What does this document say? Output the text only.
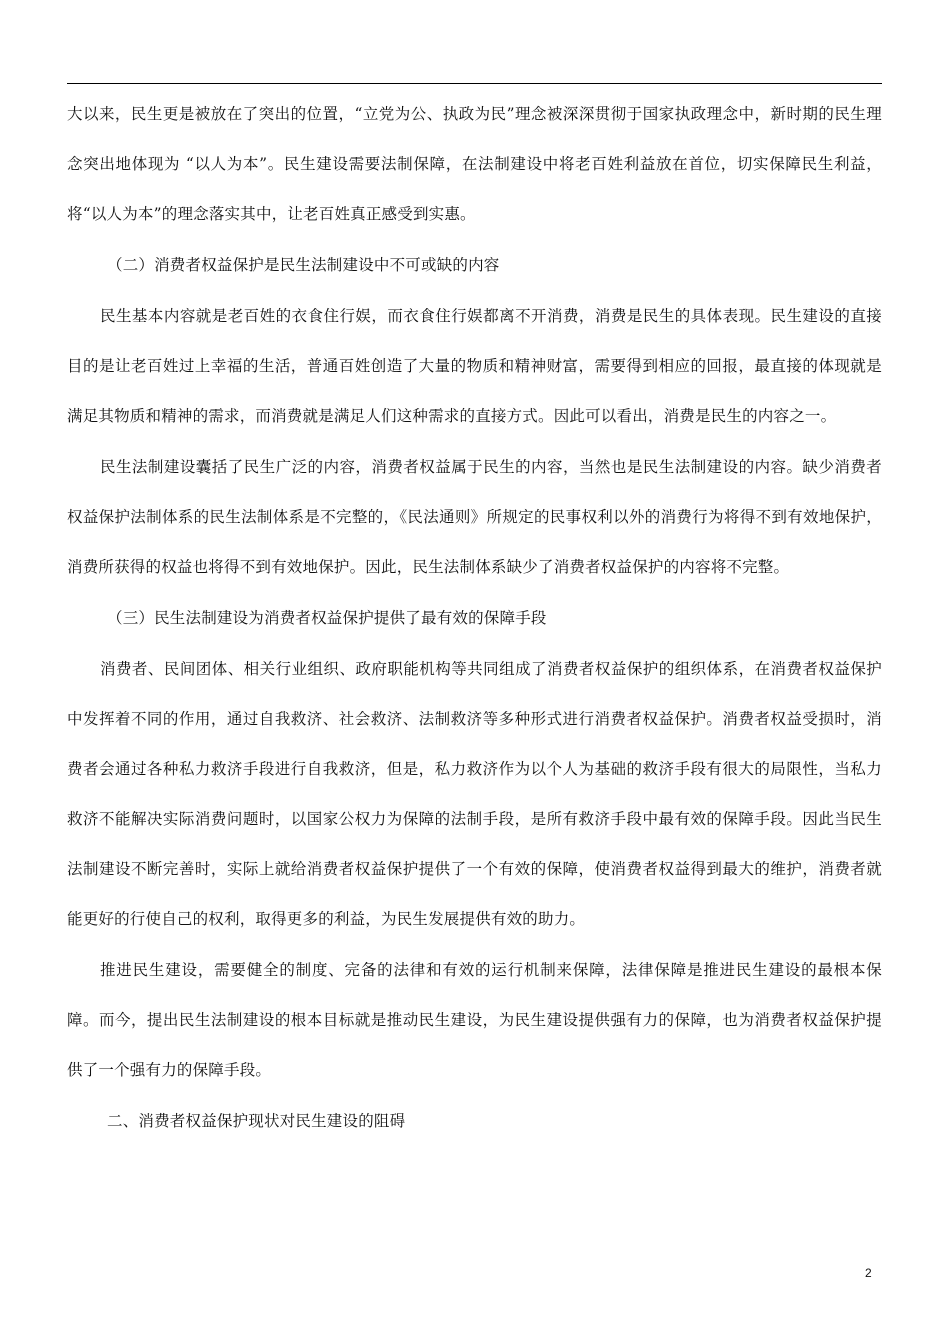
大以来，民生更是被放在了突出的位置，“立党为公、执政为民”理念被深深贯彻于国家执政理念中，新时期的民生理念突出地体现为 “以人为本”。民生建设需要法制保障，在法制建设中将老百姓利益放在首位，切实保障民生利益，将“以人为本”的理念落实其中，让老百姓真正感受到实惠。

（二）消费者权益保护是民生法制建设中不可或缺的内容

民生基本内容就是老百姓的衣食住行娱，而衣食住行娱都离不开消费，消费是民生的具体表现。民生建设的直接目的是让老百姓过上幸福的生活，普通百姓创造了大量的物质和精神财富，需要得到相应的回报，最直接的体现就是满足其物质和精神的需求，而消费就是满足人们这种需求的直接方式。因此可以看出，消费是民生的内容之一。

民生法制建设囊括了民生广泛的内容，消费者权益属于民生的内容，当然也是民生法制建设的内容。缺少消费者权益保护法制体系的民生法制体系是不完整的，《民法通则》所规定的民事权利以外的消费行为将得不到有效地保护，消费所获得的权益也将得不到有效地保护。因此，民生法制体系缺少了消费者权益保护的内容将不完整。

（三）民生法制建设为消费者权益保护提供了最有效的保障手段

消费者、民间团体、相关行业组织、政府职能机构等共同组成了消费者权益保护的组织体系，在消费者权益保护中发挥着不同的作用，通过自我救济、社会救济、法制救济等多种形式进行消费者权益保护。消费者权益受损时，消费者会通过各种私力救济手段进行自我救济，但是，私力救济作为以个人为基础的救济手段有很大的局限性，当私力救济不能解决实际消费问题时，以国家公权力为保障的法制手段，是所有救济手段中最有效的保障手段。因此当民生法制建设不断完善时，实际上就给消费者权益保护提供了一个有效的保障，使消费者权益得到最大的维护，消费者就能更好的行使自己的权利，取得更多的利益，为民生发展提供有效的助力。

推进民生建设，需要健全的制度、完备的法律和有效的运行机制来保障，法律保障是推进民生建设的最根本保障。而今，提出民生法制建设的根本目标就是推动民生建设，为民生建设提供强有力的保障，也为消费者权益保护提供了一个强有力的保障手段。

二、消费者权益保护现状对民生建设的阻碍

2
